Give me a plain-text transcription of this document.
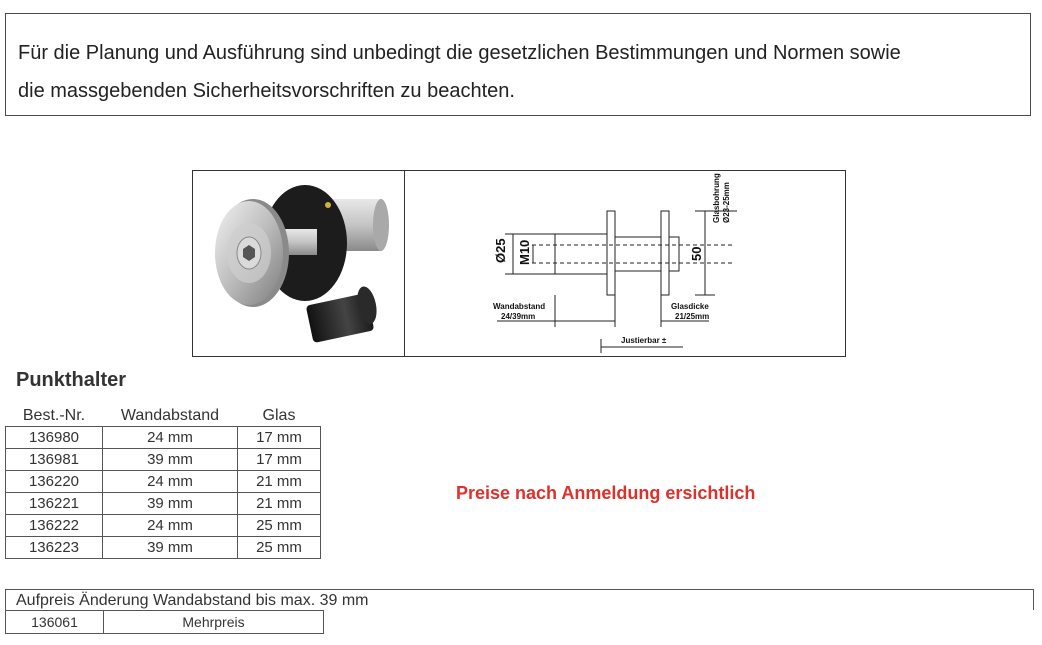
Für die Planung und Ausführung sind unbedingt die gesetzlichen Bestimmungen und Normen sowie

die massgebenden Sicherheitsvorschriften zu beachten.

Ø25 M10	50
Glasbohrung Ø23-25mm
Wandabstand
24/39mm
Glasdicke
21/25mm
Justierbar ±
Punkthalter
Best.-Nr.	Wandabstand	Glas
136980	24 mm	17 mm
136981	39 mm	17 mm
136220	24 mm	21 mm
136221	39 mm	21 mm
136222	24 mm	25 mm
136223	39 mm	25 mm
Preise nach Anmeldung ersichtlich
Aufpreis Änderung Wandabstand bis max. 39 mm
136061	Mehrpreis
